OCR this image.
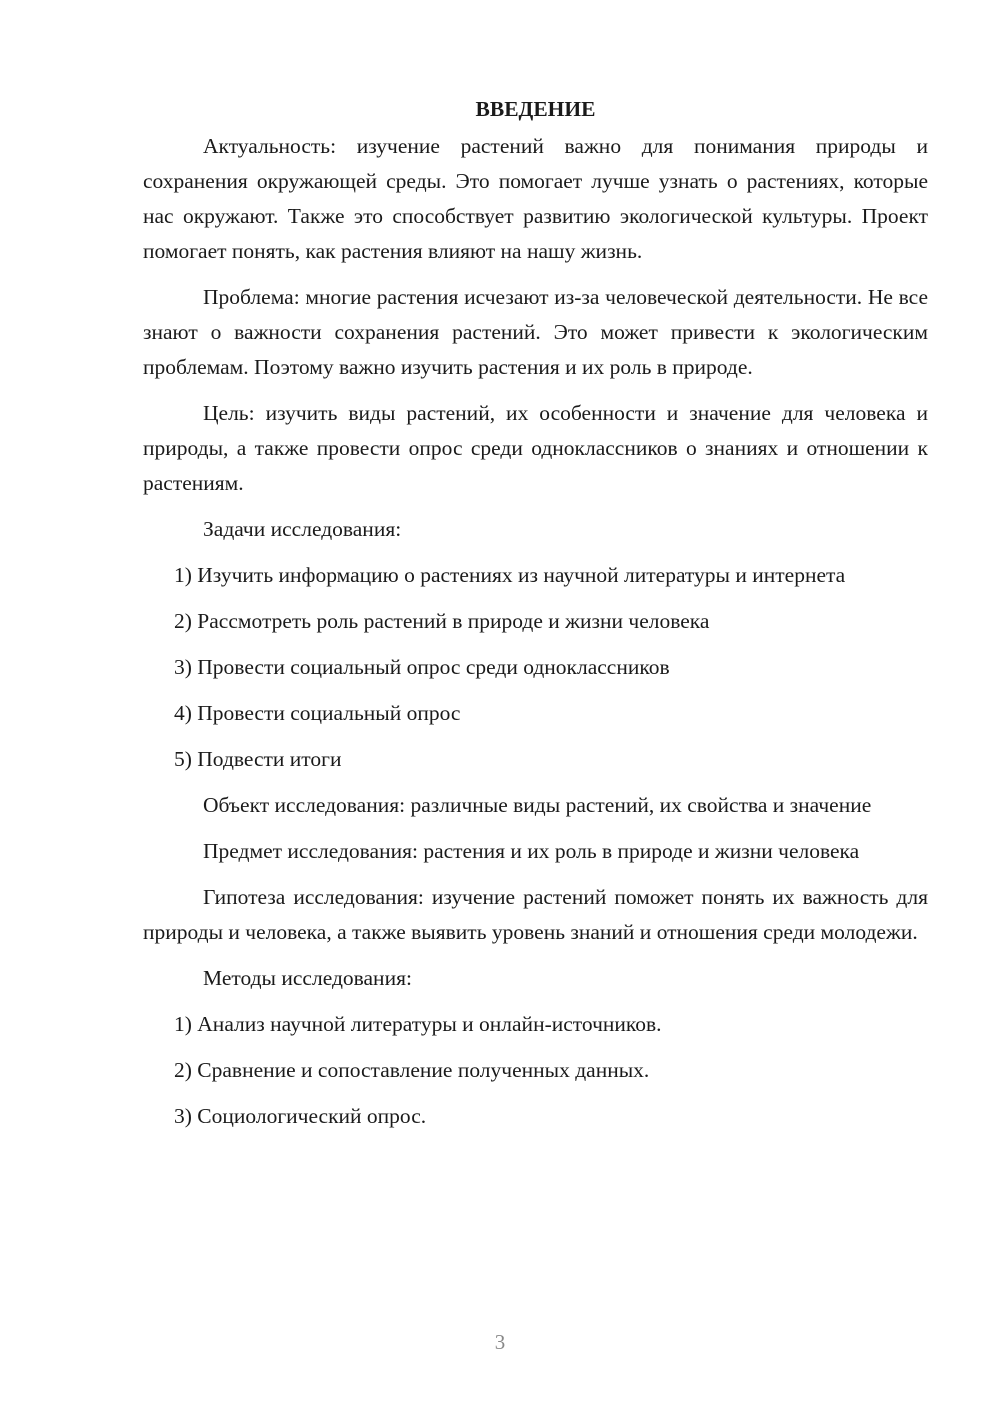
ВВЕДЕНИЕ

Актуальность: изучение растений важно для понимания природы и сохранения окружающей среды. Это помогает лучше узнать о растениях, которые нас окружают. Также это способствует развитию экологической культуры. Проект помогает понять, как растения влияют на нашу жизнь.

Проблема: многие растения исчезают из-за человеческой деятельности. Не все знают о важности сохранения растений. Это может привести к экологическим проблемам. Поэтому важно изучить растения и их роль в природе.

Цель: изучить виды растений, их особенности и значение для человека и природы, а также провести опрос среди одноклассников о знаниях и отношении к растениям.

Задачи исследования:

1) Изучить информацию о растениях из научной литературы и интернета

2) Рассмотреть роль растений в природе и жизни человека

3) Провести социальный опрос среди одноклассников

4) Провести социальный опрос

5) Подвести итоги

Объект исследования: различные виды растений, их свойства и значение

Предмет исследования: растения и их роль в природе и жизни человека

Гипотеза исследования: изучение растений поможет понять их важность для природы и человека, а также выявить уровень знаний и отношения среди молодежи.

Методы исследования:

1) Анализ научной литературы и онлайн-источников.

2) Сравнение и сопоставление полученных данных.

3) Социологический опрос.

3
